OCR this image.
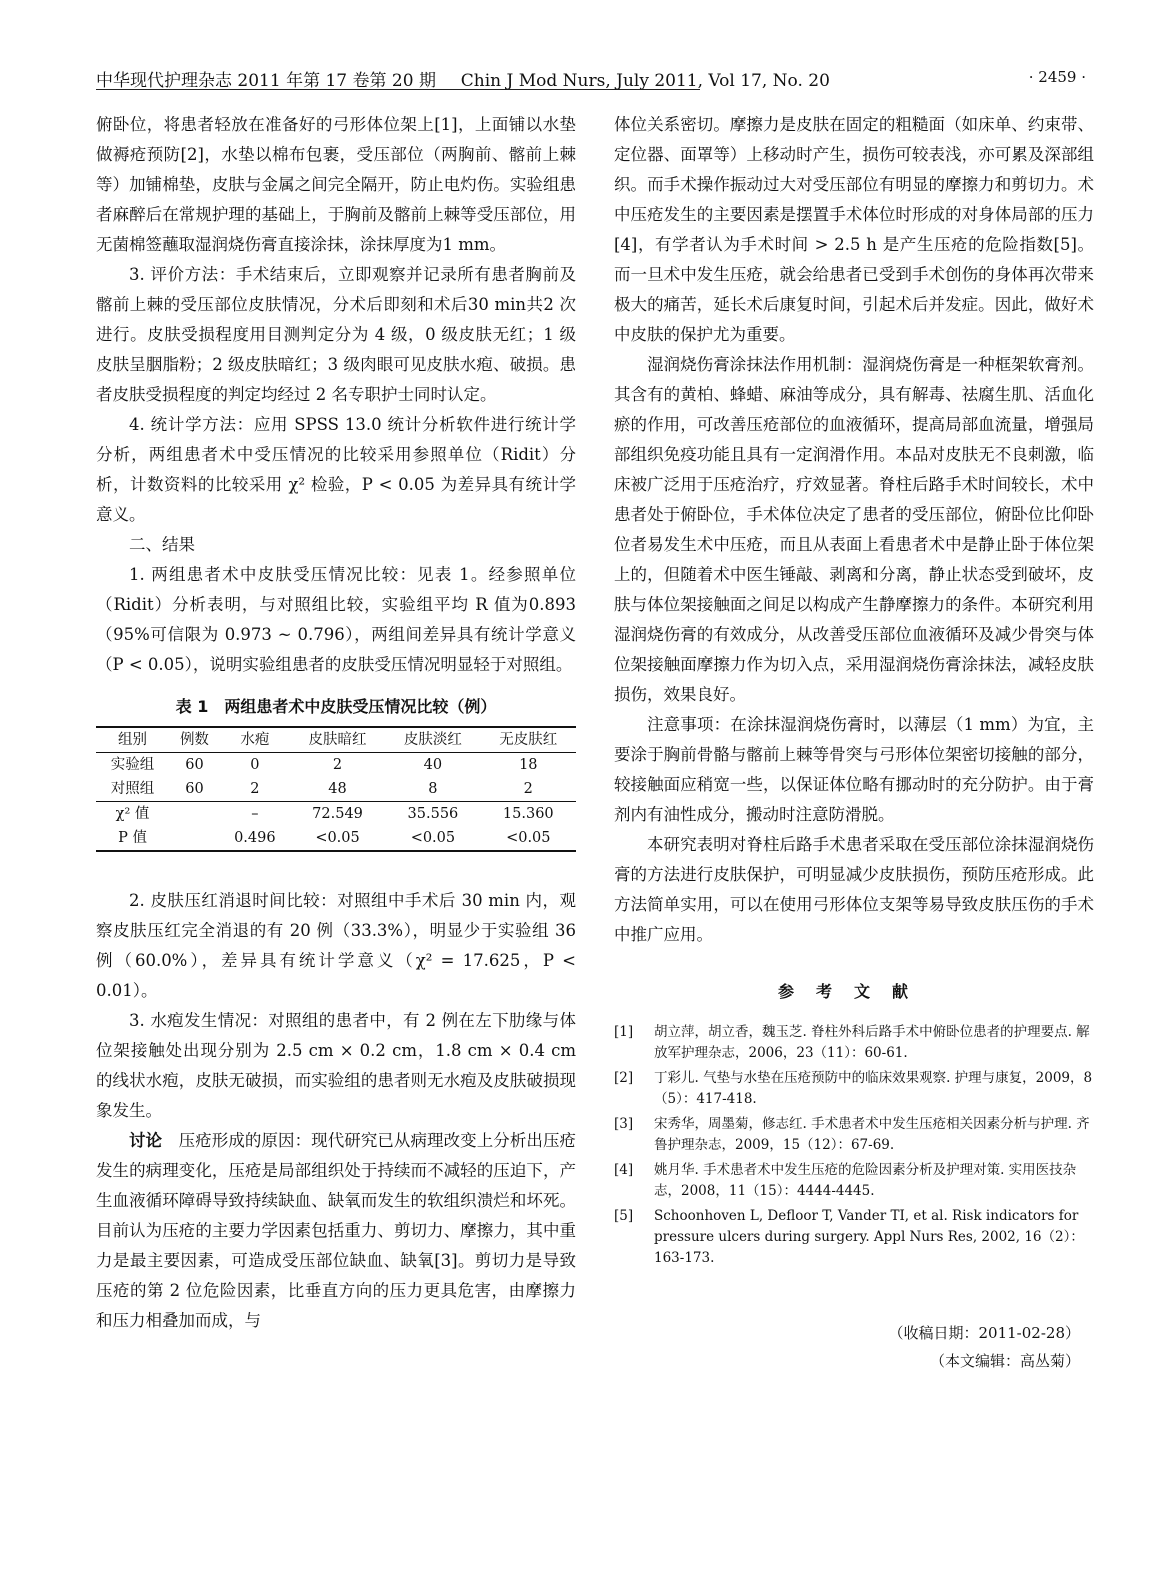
中华现代护理杂志 2011 年第 17 卷第 20 期 Chin J Mod Nurs, July 2011, Vol 17, No. 20	· 2459 ·

俯卧位，将患者轻放在准备好的弓形体位架上[1]，上面铺以水垫做褥疮预防[2]，水垫以棉布包裹，受压部位（两胸前、髂前上棘等）加铺棉垫，皮肤与金属之间完全隔开，防止电灼伤。实验组患者麻醉后在常规护理的基础上，于胸前及髂前上棘等受压部位，用无菌棉签蘸取湿润烧伤膏直接涂抹，涂抹厚度为1 mm。

3. 评价方法：手术结束后，立即观察并记录所有患者胸前及髂前上棘的受压部位皮肤情况，分术后即刻和术后30 min共2 次进行。皮肤受损程度用目测判定分为 4 级，0 级皮肤无红；1 级皮肤呈胭脂粉；2 级皮肤暗红；3 级肉眼可见皮肤水疱、破损。患者皮肤受损程度的判定均经过 2 名专职护士同时认定。

4. 统计学方法：应用 SPSS 13.0 统计分析软件进行统计学分析，两组患者术中受压情况的比较采用参照单位（Ridit）分析，计数资料的比较采用 χ² 检验，P < 0.05 为差异具有统计学意义。

二、结果

1. 两组患者术中皮肤受压情况比较：见表 1。经参照单位（Ridit）分析表明，与对照组比较，实验组平均 R 值为0.893（95%可信限为 0.973 ~ 0.796），两组间差异具有统计学意义（P < 0.05），说明实验组患者的皮肤受压情况明显轻于对照组。

表 1　两组患者术中皮肤受压情况比较（例）
组别	例数	水疱	皮肤暗红	皮肤淡红	无皮肤红
实验组	60	0	2	40	18
对照组	60	2	48	8	2
χ² 值		–	72.549	35.556	15.360
P 值		0.496	<0.05	<0.05	<0.05

2. 皮肤压红消退时间比较：对照组中手术后 30 min 内，观察皮肤压红完全消退的有 20 例（33.3%），明显少于实验组 36 例（60.0%），差异具有统计学意义（χ² = 17.625，P < 0.01）。

3. 水疱发生情况：对照组的患者中，有 2 例在左下肋缘与体位架接触处出现分别为 2.5 cm × 0.2 cm，1.8 cm × 0.4 cm 的线状水疱，皮肤无破损，而实验组的患者则无水疱及皮肤破损现象发生。

讨论　压疮形成的原因：现代研究已从病理改变上分析出压疮发生的病理变化，压疮是局部组织处于持续而不减轻的压迫下，产生血液循环障碍导致持续缺血、缺氧而发生的软组织溃烂和坏死。目前认为压疮的主要力学因素包括重力、剪切力、摩擦力，其中重力是最主要因素，可造成受压部位缺血、缺氧[3]。剪切力是导致压疮的第 2 位危险因素，比垂直方向的压力更具危害，由摩擦力和压力相叠加而成，与

体位关系密切。摩擦力是皮肤在固定的粗糙面（如床单、约束带、定位器、面罩等）上移动时产生，损伤可较表浅，亦可累及深部组织。而手术操作振动过大对受压部位有明显的摩擦力和剪切力。术中压疮发生的主要因素是摆置手术体位时形成的对身体局部的压力[4]，有学者认为手术时间 > 2.5 h 是产生压疮的危险指数[5]。而一旦术中发生压疮，就会给患者已受到手术创伤的身体再次带来极大的痛苦，延长术后康复时间，引起术后并发症。因此，做好术中皮肤的保护尤为重要。

湿润烧伤膏涂抹法作用机制：湿润烧伤膏是一种框架软膏剂。其含有的黄柏、蜂蜡、麻油等成分，具有解毒、祛腐生肌、活血化瘀的作用，可改善压疮部位的血液循环，提高局部血流量，增强局部组织免疫功能且具有一定润滑作用。本品对皮肤无不良刺激，临床被广泛用于压疮治疗，疗效显著。脊柱后路手术时间较长，术中患者处于俯卧位，手术体位决定了患者的受压部位，俯卧位比仰卧位者易发生术中压疮，而且从表面上看患者术中是静止卧于体位架上的，但随着术中医生锤敲、剥离和分离，静止状态受到破坏，皮肤与体位架接触面之间足以构成产生静摩擦力的条件。本研究利用湿润烧伤膏的有效成分，从改善受压部位血液循环及减少骨突与体位架接触面摩擦力作为切入点，采用湿润烧伤膏涂抹法，减轻皮肤损伤，效果良好。

注意事项：在涂抹湿润烧伤膏时，以薄层（1 mm）为宜，主要涂于胸前骨骼与髂前上棘等骨突与弓形体位架密切接触的部分，较接触面应稍宽一些，以保证体位略有挪动时的充分防护。由于膏剂内有油性成分，搬动时注意防滑脱。

本研究表明对脊柱后路手术患者采取在受压部位涂抹湿润烧伤膏的方法进行皮肤保护，可明显减少皮肤损伤，预防压疮形成。此方法简单实用，可以在使用弓形体位支架等易导致皮肤压伤的手术中推广应用。

参考文献
[1] 胡立萍，胡立香，魏玉芝. 脊柱外科后路手术中俯卧位患者的护理要点. 解放军护理杂志，2006，23（11）：60-61.
[2] 丁彩儿. 气垫与水垫在压疮预防中的临床效果观察. 护理与康复，2009，8（5）：417-418.
[3] 宋秀华，周墨菊，修志红. 手术患者术中发生压疮相关因素分析与护理. 齐鲁护理杂志，2009，15（12）：67-69.
[4] 姚月华. 手术患者术中发生压疮的危险因素分析及护理对策. 实用医技杂志，2008，11（15）：4444-4445.
[5] Schoonhoven L, Defloor T, Vander TI, et al. Risk indicators for pressure ulcers during surgery. Appl Nurs Res, 2002, 16（2）：163-173.
（收稿日期：2011-02-28）
（本文编辑：高丛菊）
